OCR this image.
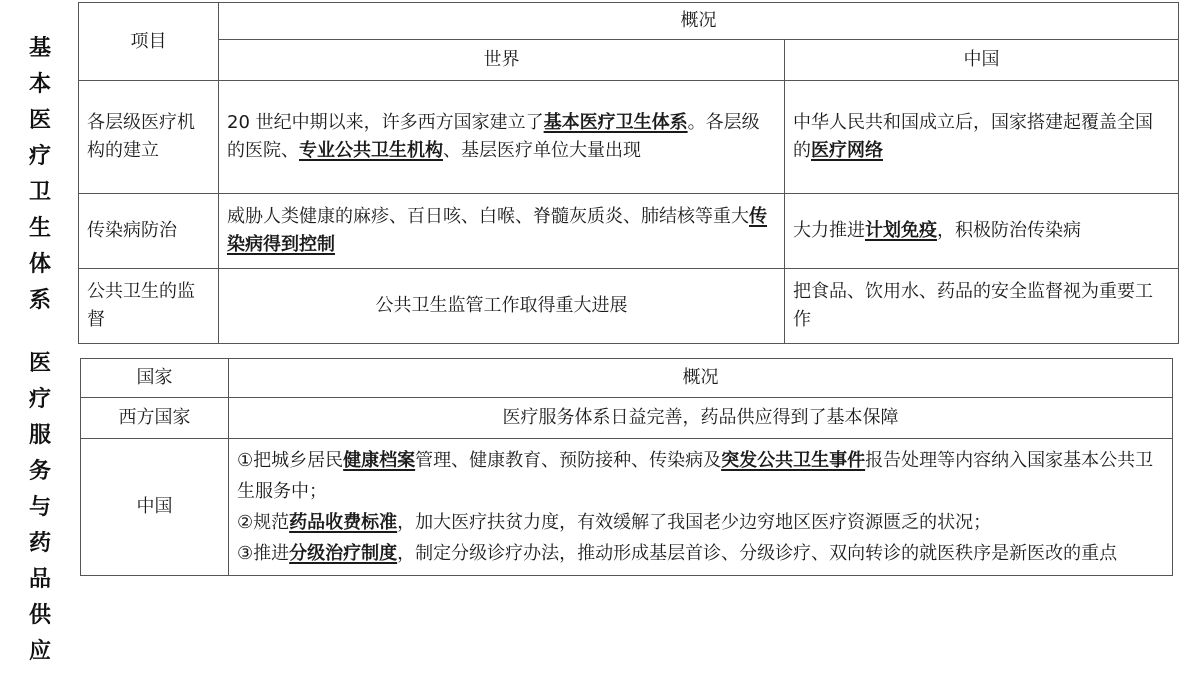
基
本
医
疗
卫
生
体
系
医
疗
服
务
与
药
品
供
应
项目	概况	
	世界	中国
各层级医疗机构的建立	20 世纪中期以来，许多西方国家建立了基本医疗卫生体系。各层级的医院、专业公共卫生机构、基层医疗单位大量出现	中华人民共和国成立后，国家搭建起覆盖全国的医疗网络
传染病防治	威胁人类健康的麻疹、百日咳、白喉、脊髓灰质炎、肺结核等重大传染病得到控制	大力推进计划免疫，积极防治传染病
公共卫生的监督	公共卫生监管工作取得重大进展	把食品、饮用水、药品的安全监督视为重要工作
国家	概况
西方国家	医疗服务体系日益完善，药品供应得到了基本保障
中国	①把城乡居民健康档案管理、健康教育、预防接种、传染病及突发公共卫生事件报告处理等内容纳入国家基本公共卫生服务中；
②规范药品收费标准，加大医疗扶贫力度，有效缓解了我国老少边穷地区医疗资源匮乏的状况；
③推进分级治疗制度，制定分级诊疗办法，推动形成基层首诊、分级诊疗、双向转诊的就医秩序是新医改的重点
